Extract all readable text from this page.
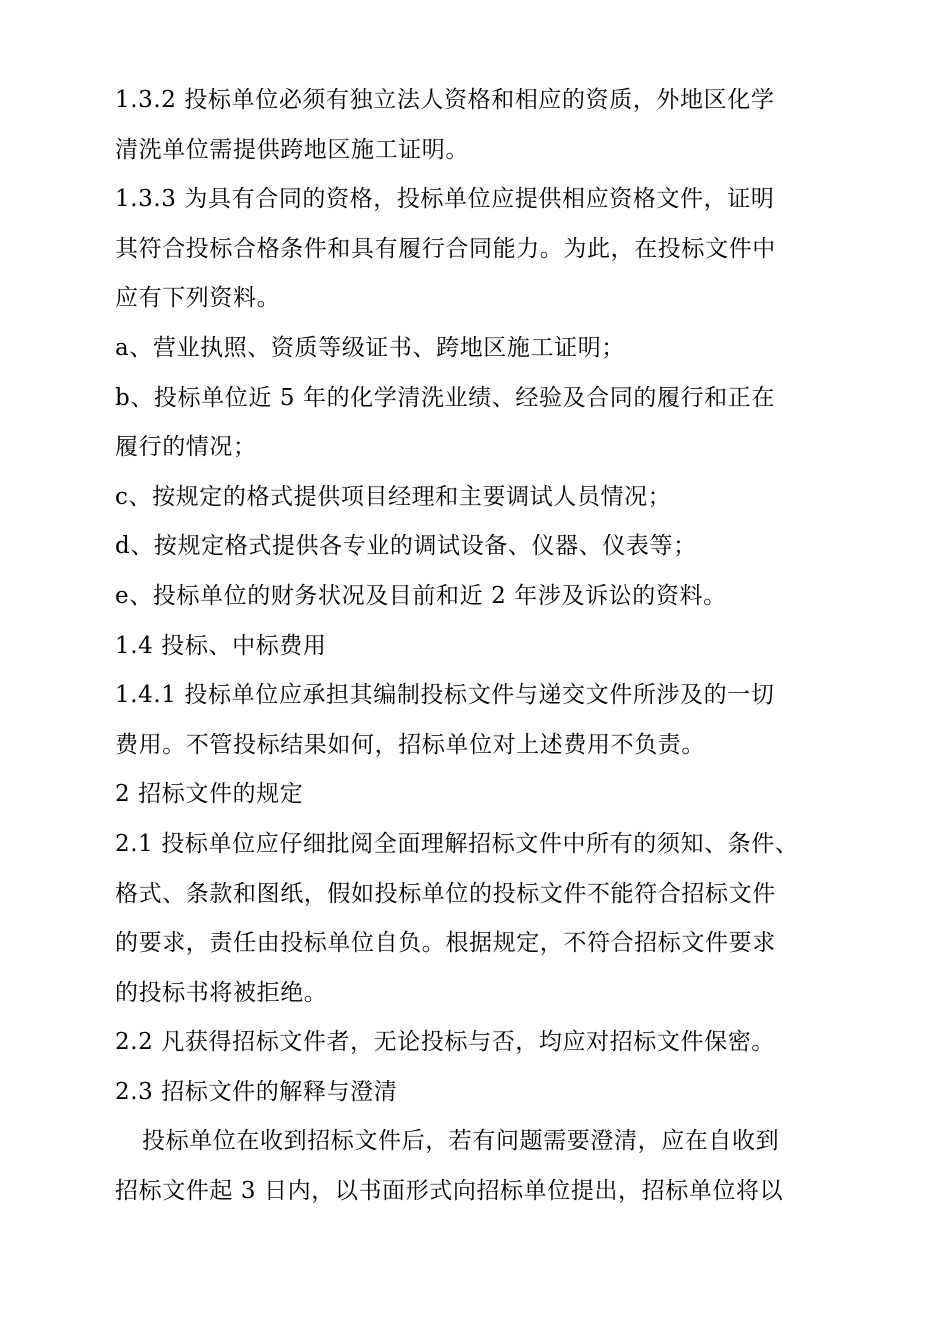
1.3.2 投标单位必须有独立法人资格和相应的资质，外地区化学

清洗单位需提供跨地区施工证明。

1.3.3 为具有合同的资格，投标单位应提供相应资格文件，证明

其符合投标合格条件和具有履行合同能力。为此，在投标文件中

应有下列资料。

a、营业执照、资质等级证书、跨地区施工证明；

b、投标单位近 5 年的化学清洗业绩、经验及合同的履行和正在

履行的情况；

c、按规定的格式提供项目经理和主要调试人员情况；

d、按规定格式提供各专业的调试设备、仪器、仪表等；

e、投标单位的财务状况及目前和近 2 年涉及诉讼的资料。

1.4 投标、中标费用

1.4.1 投标单位应承担其编制投标文件与递交文件所涉及的一切

费用。不管投标结果如何，招标单位对上述费用不负责。

2 招标文件的规定

2.1 投标单位应仔细批阅全面理解招标文件中所有的须知、条件、

格式、条款和图纸，假如投标单位的投标文件不能符合招标文件

的要求，责任由投标单位自负。根据规定，不符合招标文件要求

的投标书将被拒绝。

2.2 凡获得招标文件者，无论投标与否，均应对招标文件保密。

2.3 招标文件的解释与澄清

投标单位在收到招标文件后，若有问题需要澄清，应在自收到

招标文件起 3 日内，以书面形式向招标单位提出，招标单位将以
